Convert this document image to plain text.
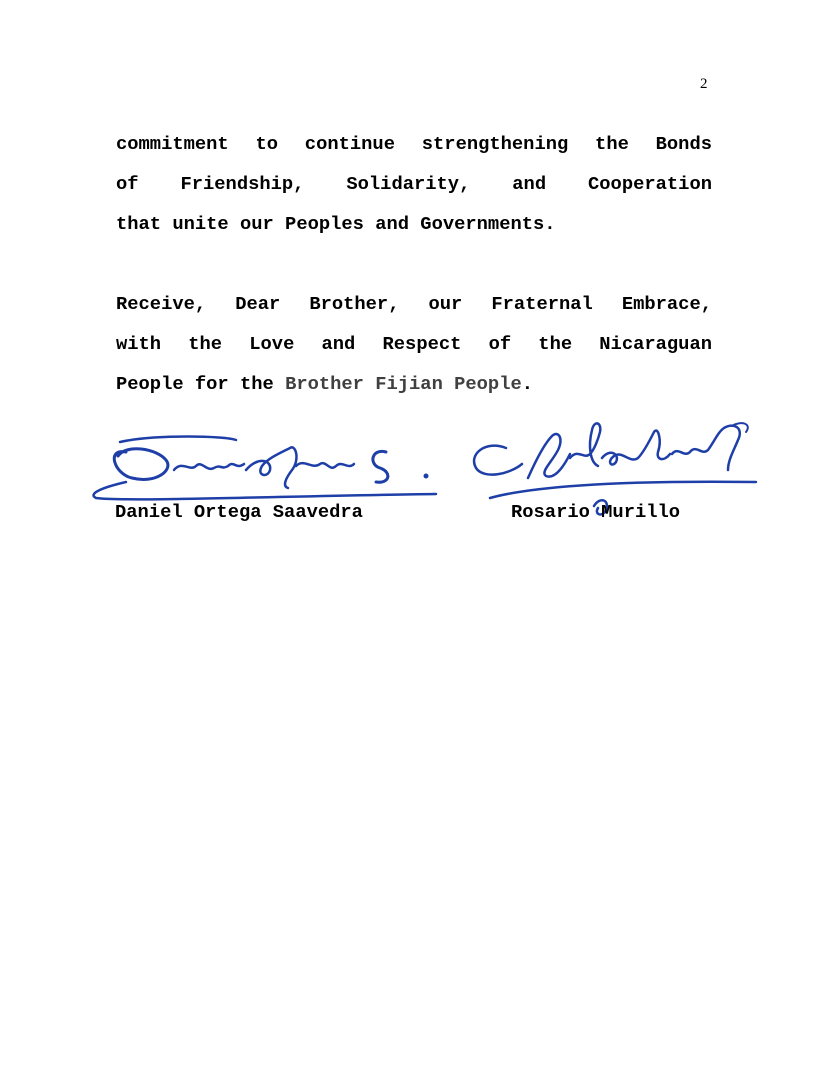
2

commitment to continue strengthening the Bonds
of Friendship, Solidarity, and Cooperation
that unite our Peoples and Governments.

Receive, Dear Brother, our Fraternal Embrace,
with the Love and Respect of the Nicaraguan
People for the Brother Fijian People.

Daniel Ortega Saavedra	Rosario Murillo
